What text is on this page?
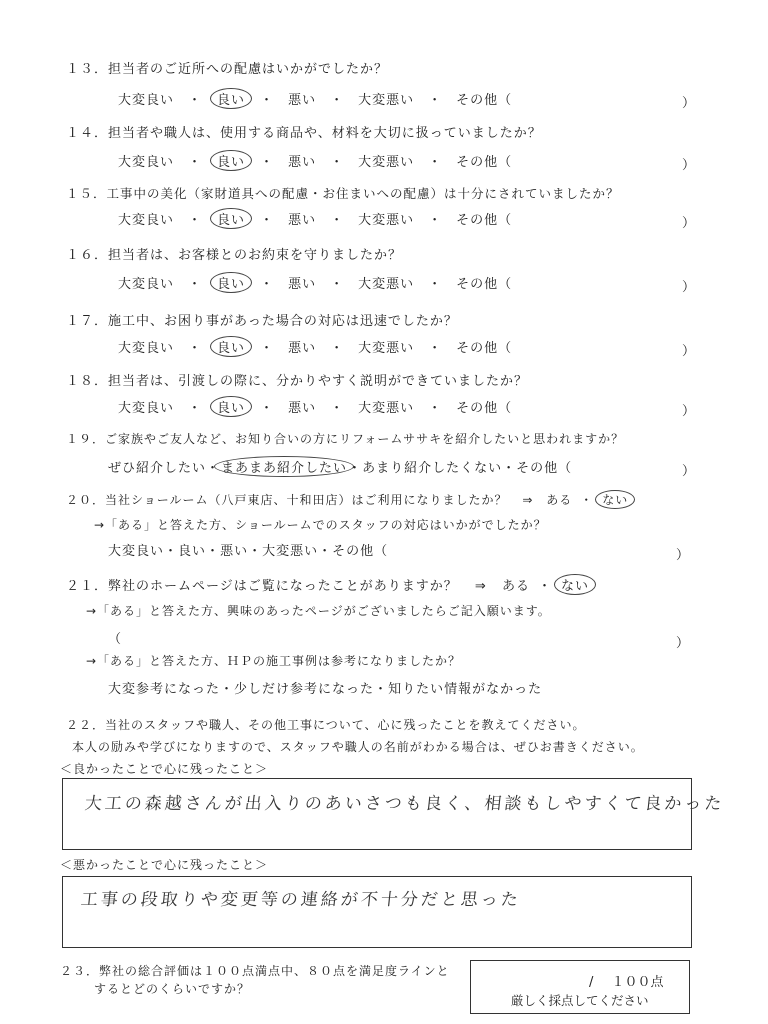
１３．担当者のご近所への配慮はいかがでしたか？
大変良い ・ 良い ・ 悪い ・ 大変悪い ・ その他（	）
１４．担当者や職人は、使用する商品や、材料を大切に扱っていましたか？
大変良い ・ 良い ・ 悪い ・ 大変悪い ・ その他（	）
１５．工事中の美化（家財道具への配慮・お住まいへの配慮）は十分にされていましたか？
大変良い ・ 良い ・ 悪い ・ 大変悪い ・ その他（	）
１６．担当者は、お客様とのお約束を守りましたか？
大変良い ・ 良い ・ 悪い ・ 大変悪い ・ その他（	）
１７．施工中、お困り事があった場合の対応は迅速でしたか？
大変良い ・ 良い ・ 悪い ・ 大変悪い ・ その他（	）
１８．担当者は、引渡しの際に、分かりやすく説明ができていましたか？
大変良い ・ 良い ・ 悪い ・ 大変悪い ・ その他（	）
１９．ご家族やご友人など、お知り合いの方にリフォームササキを紹介したいと思われますか？
ぜひ紹介したい・まあまあ紹介したい・あまり紹介したくない・その他（	）
２０．当社ショールーム（八戸東店、十和田店）はご利用になりましたか？ ⇒ ある ・ ない
→「ある」と答えた方、ショールームでのスタッフの対応はいかがでしたか？
大変良い・良い・悪い・大変悪い・その他（	）
２１．弊社のホームページはご覧になったことがありますか？ ⇒ ある ・ ない
→「ある」と答えた方、興味のあったページがございましたらご記入願います。
（	）
→「ある」と答えた方、ＨＰの施工事例は参考になりましたか？
大変参考になった・少しだけ参考になった・知りたい情報がなかった
２２．当社のスタッフや職人、その他工事について、心に残ったことを教えてください。
本人の励みや学びになりますので、スタッフや職人の名前がわかる場合は、ぜひお書きください。
＜良かったことで心に残ったこと＞
大工の森越さんが出入りのあいさつも良く、相談もしやすくて良かった
＜悪かったことで心に残ったこと＞
工事の段取りや変更等の連絡が不十分だと思った
２３．弊社の総合評価は１００点満点中、８０点を満足度ラインと
するとどのくらいですか？	/ １００点
厳しく採点してください
